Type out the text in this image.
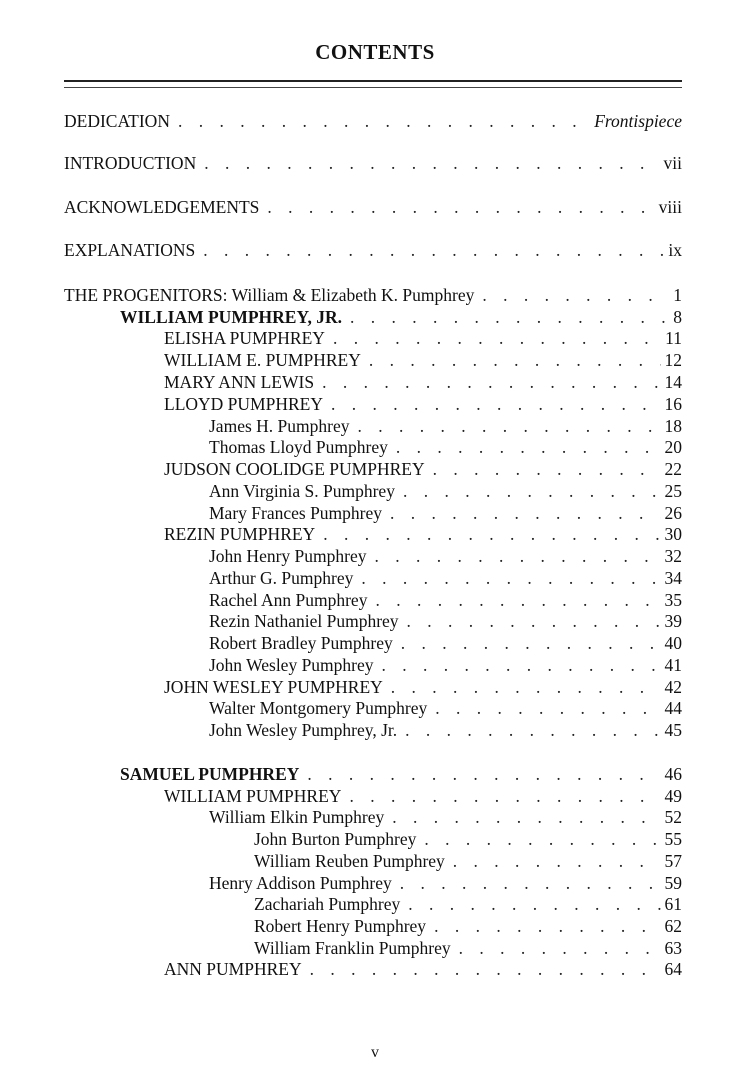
CONTENTS
DEDICATION . . .	Frontispiece
INTRODUCTION . . .	vii
ACKNOWLEDGEMENTS . . .	viii
EXPLANATIONS . . .	ix
THE PROGENITORS: William & Elizabeth K. Pumphrey . . .	1
WILLIAM PUMPHREY, JR. . . .	8
ELISHA PUMPHREY . . .	11
WILLIAM E. PUMPHREY . . .	12
MARY ANN LEWIS . . .	14
LLOYD PUMPHREY . . .	16
James H. Pumphrey . . .	18
Thomas Lloyd Pumphrey . . .	20
JUDSON COOLIDGE PUMPHREY . . .	22
Ann Virginia S. Pumphrey . . .	25
Mary Frances Pumphrey . . .	26
REZIN PUMPHREY . . .	30
John Henry Pumphrey . . .	32
Arthur G. Pumphrey . . .	34
Rachel Ann Pumphrey . . .	35
Rezin Nathaniel Pumphrey . . .	39
Robert Bradley Pumphrey . . .	40
John Wesley Pumphrey . . .	41
JOHN WESLEY PUMPHREY . . .	42
Walter Montgomery Pumphrey . . .	44
John Wesley Pumphrey, Jr. . . .	45
SAMUEL PUMPHREY . . .	46
WILLIAM PUMPHREY . . .	49
William Elkin Pumphrey . . .	52
John Burton Pumphrey . . .	55
William Reuben Pumphrey . . .	57
Henry Addison Pumphrey . . .	59
Zachariah Pumphrey . . .	61
Robert Henry Pumphrey . . .	62
William Franklin Pumphrey . . .	63
ANN PUMPHREY . . .	64
v
